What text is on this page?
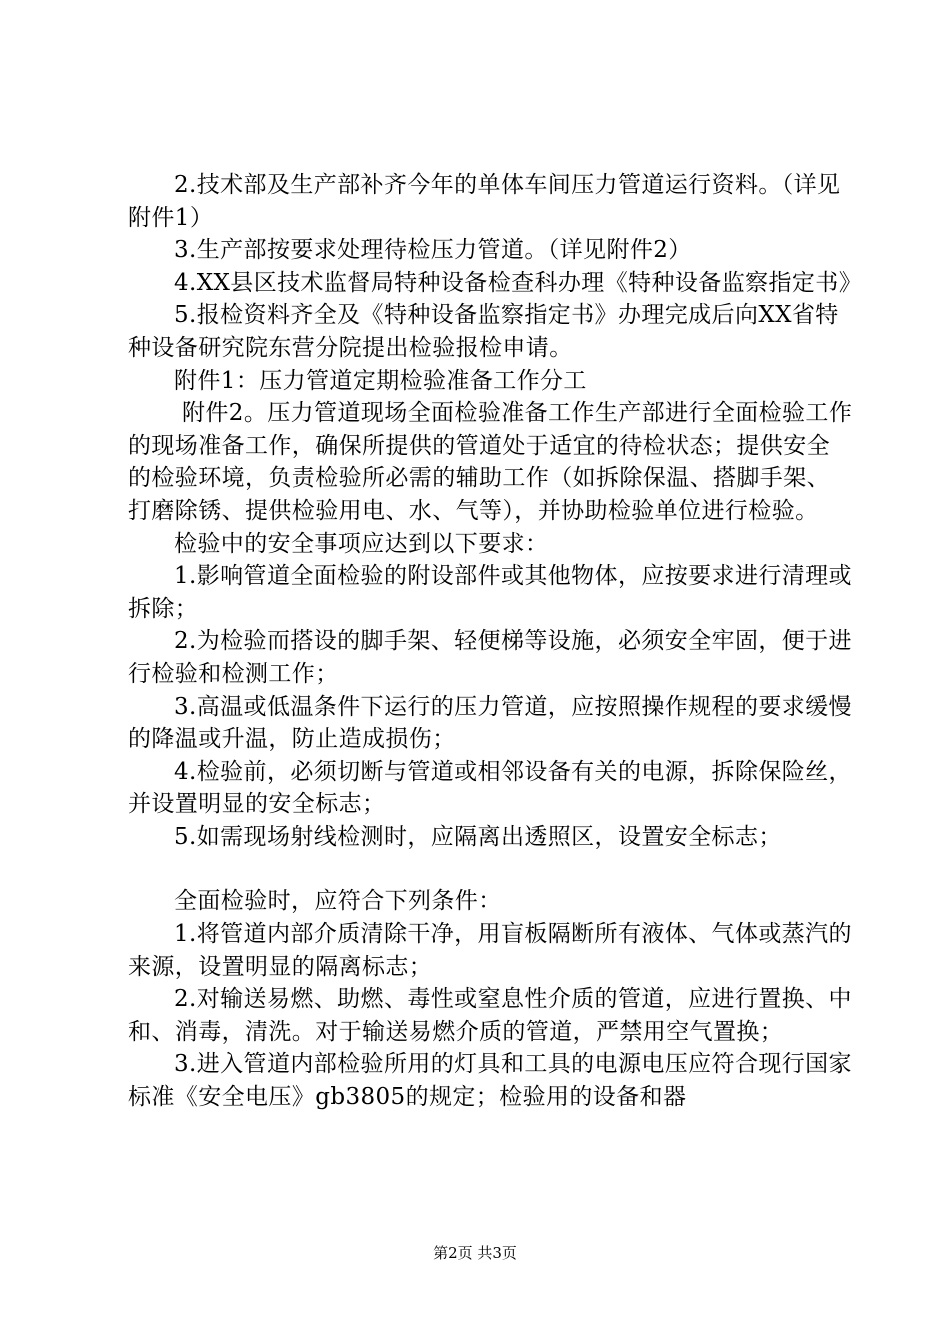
2.技术部及生产部补齐今年的单体车间压力管道运行资料。（详见附件1）

3.生产部按要求处理待检压力管道。（详见附件2）

4.XX县区技术监督局特种设备检查科办理《特种设备监察指定书》

5.报检资料齐全及《特种设备监察指定书》办理完成后向XX省特种设备研究院东营分院提出检验报检申请。

附件1：压力管道定期检验准备工作分工

附件2。压力管道现场全面检验准备工作生产部进行全面检验工作的现场准备工作，确保所提供的管道处于适宜的待检状态；提供安全的检验环境，负责检验所必需的辅助工作（如拆除保温、搭脚手架、打磨除锈、提供检验用电、水、气等），并协助检验单位进行检验。

检验中的安全事项应达到以下要求：

1.影响管道全面检验的附设部件或其他物体，应按要求进行清理或拆除；

2.为检验而搭设的脚手架、轻便梯等设施，必须安全牢固，便于进行检验和检测工作；

3.高温或低温条件下运行的压力管道，应按照操作规程的要求缓慢的降温或升温，防止造成损伤；

4.检验前，必须切断与管道或相邻设备有关的电源，拆除保险丝，并设置明显的安全标志；

5.如需现场射线检测时，应隔离出透照区，设置安全标志；

全面检验时，应符合下列条件：

1.将管道内部介质清除干净，用盲板隔断所有液体、气体或蒸汽的来源，设置明显的隔离标志；

2.对输送易燃、助燃、毒性或窒息性介质的管道，应进行置换、中和、消毒，清洗。对于输送易燃介质的管道，严禁用空气置换；

3.进入管道内部检验所用的灯具和工具的电源电压应符合现行国家标准《安全电压》gb3805的规定；检验用的设备和器

第2页 共3页
